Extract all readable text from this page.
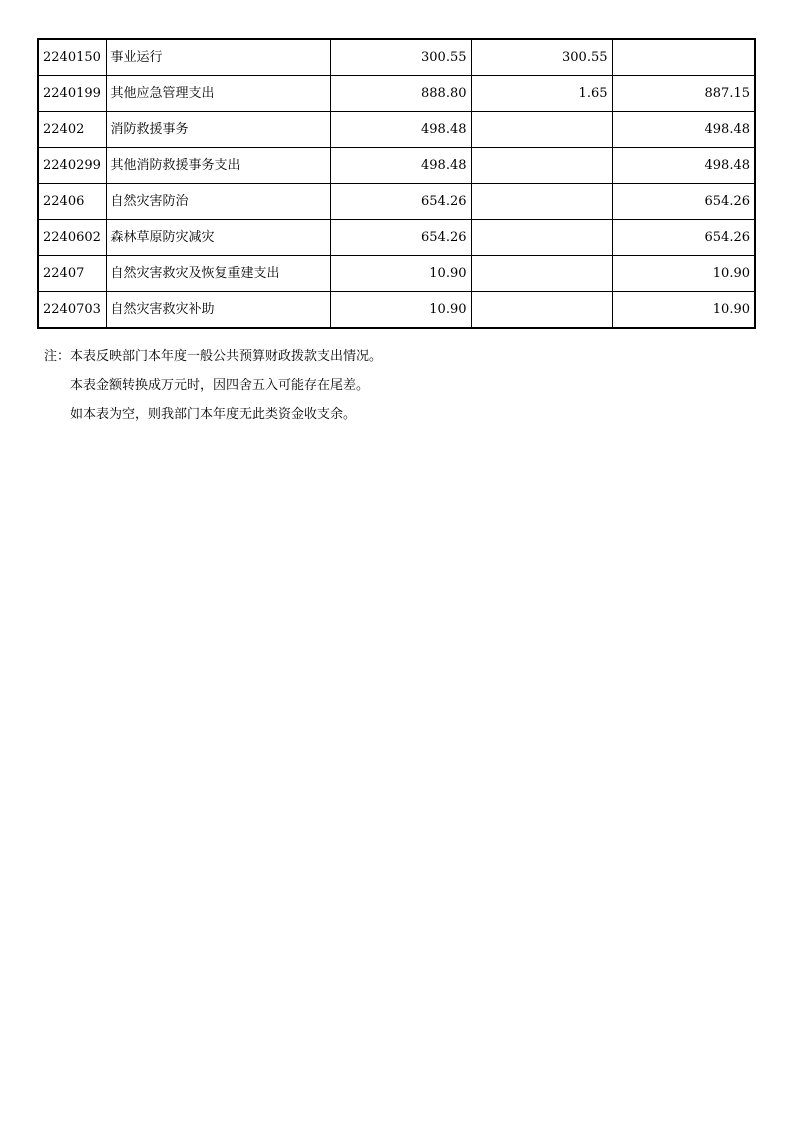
2240150	事业运行	300.55	300.55	
2240199	其他应急管理支出	888.80	1.65	887.15
22402	消防救援事务	498.48		498.48
2240299	其他消防救援事务支出	498.48		498.48
22406	自然灾害防治	654.26		654.26
2240602	森林草原防灾减灾	654.26		654.26
22407	自然灾害救灾及恢复重建支出	10.90		10.90
2240703	自然灾害救灾补助	10.90		10.90
注：本表反映部门本年度一般公共预算财政拨款支出情况。
本表金额转换成万元时，因四舍五入可能存在尾差。
如本表为空，则我部门本年度无此类资金收支余。
